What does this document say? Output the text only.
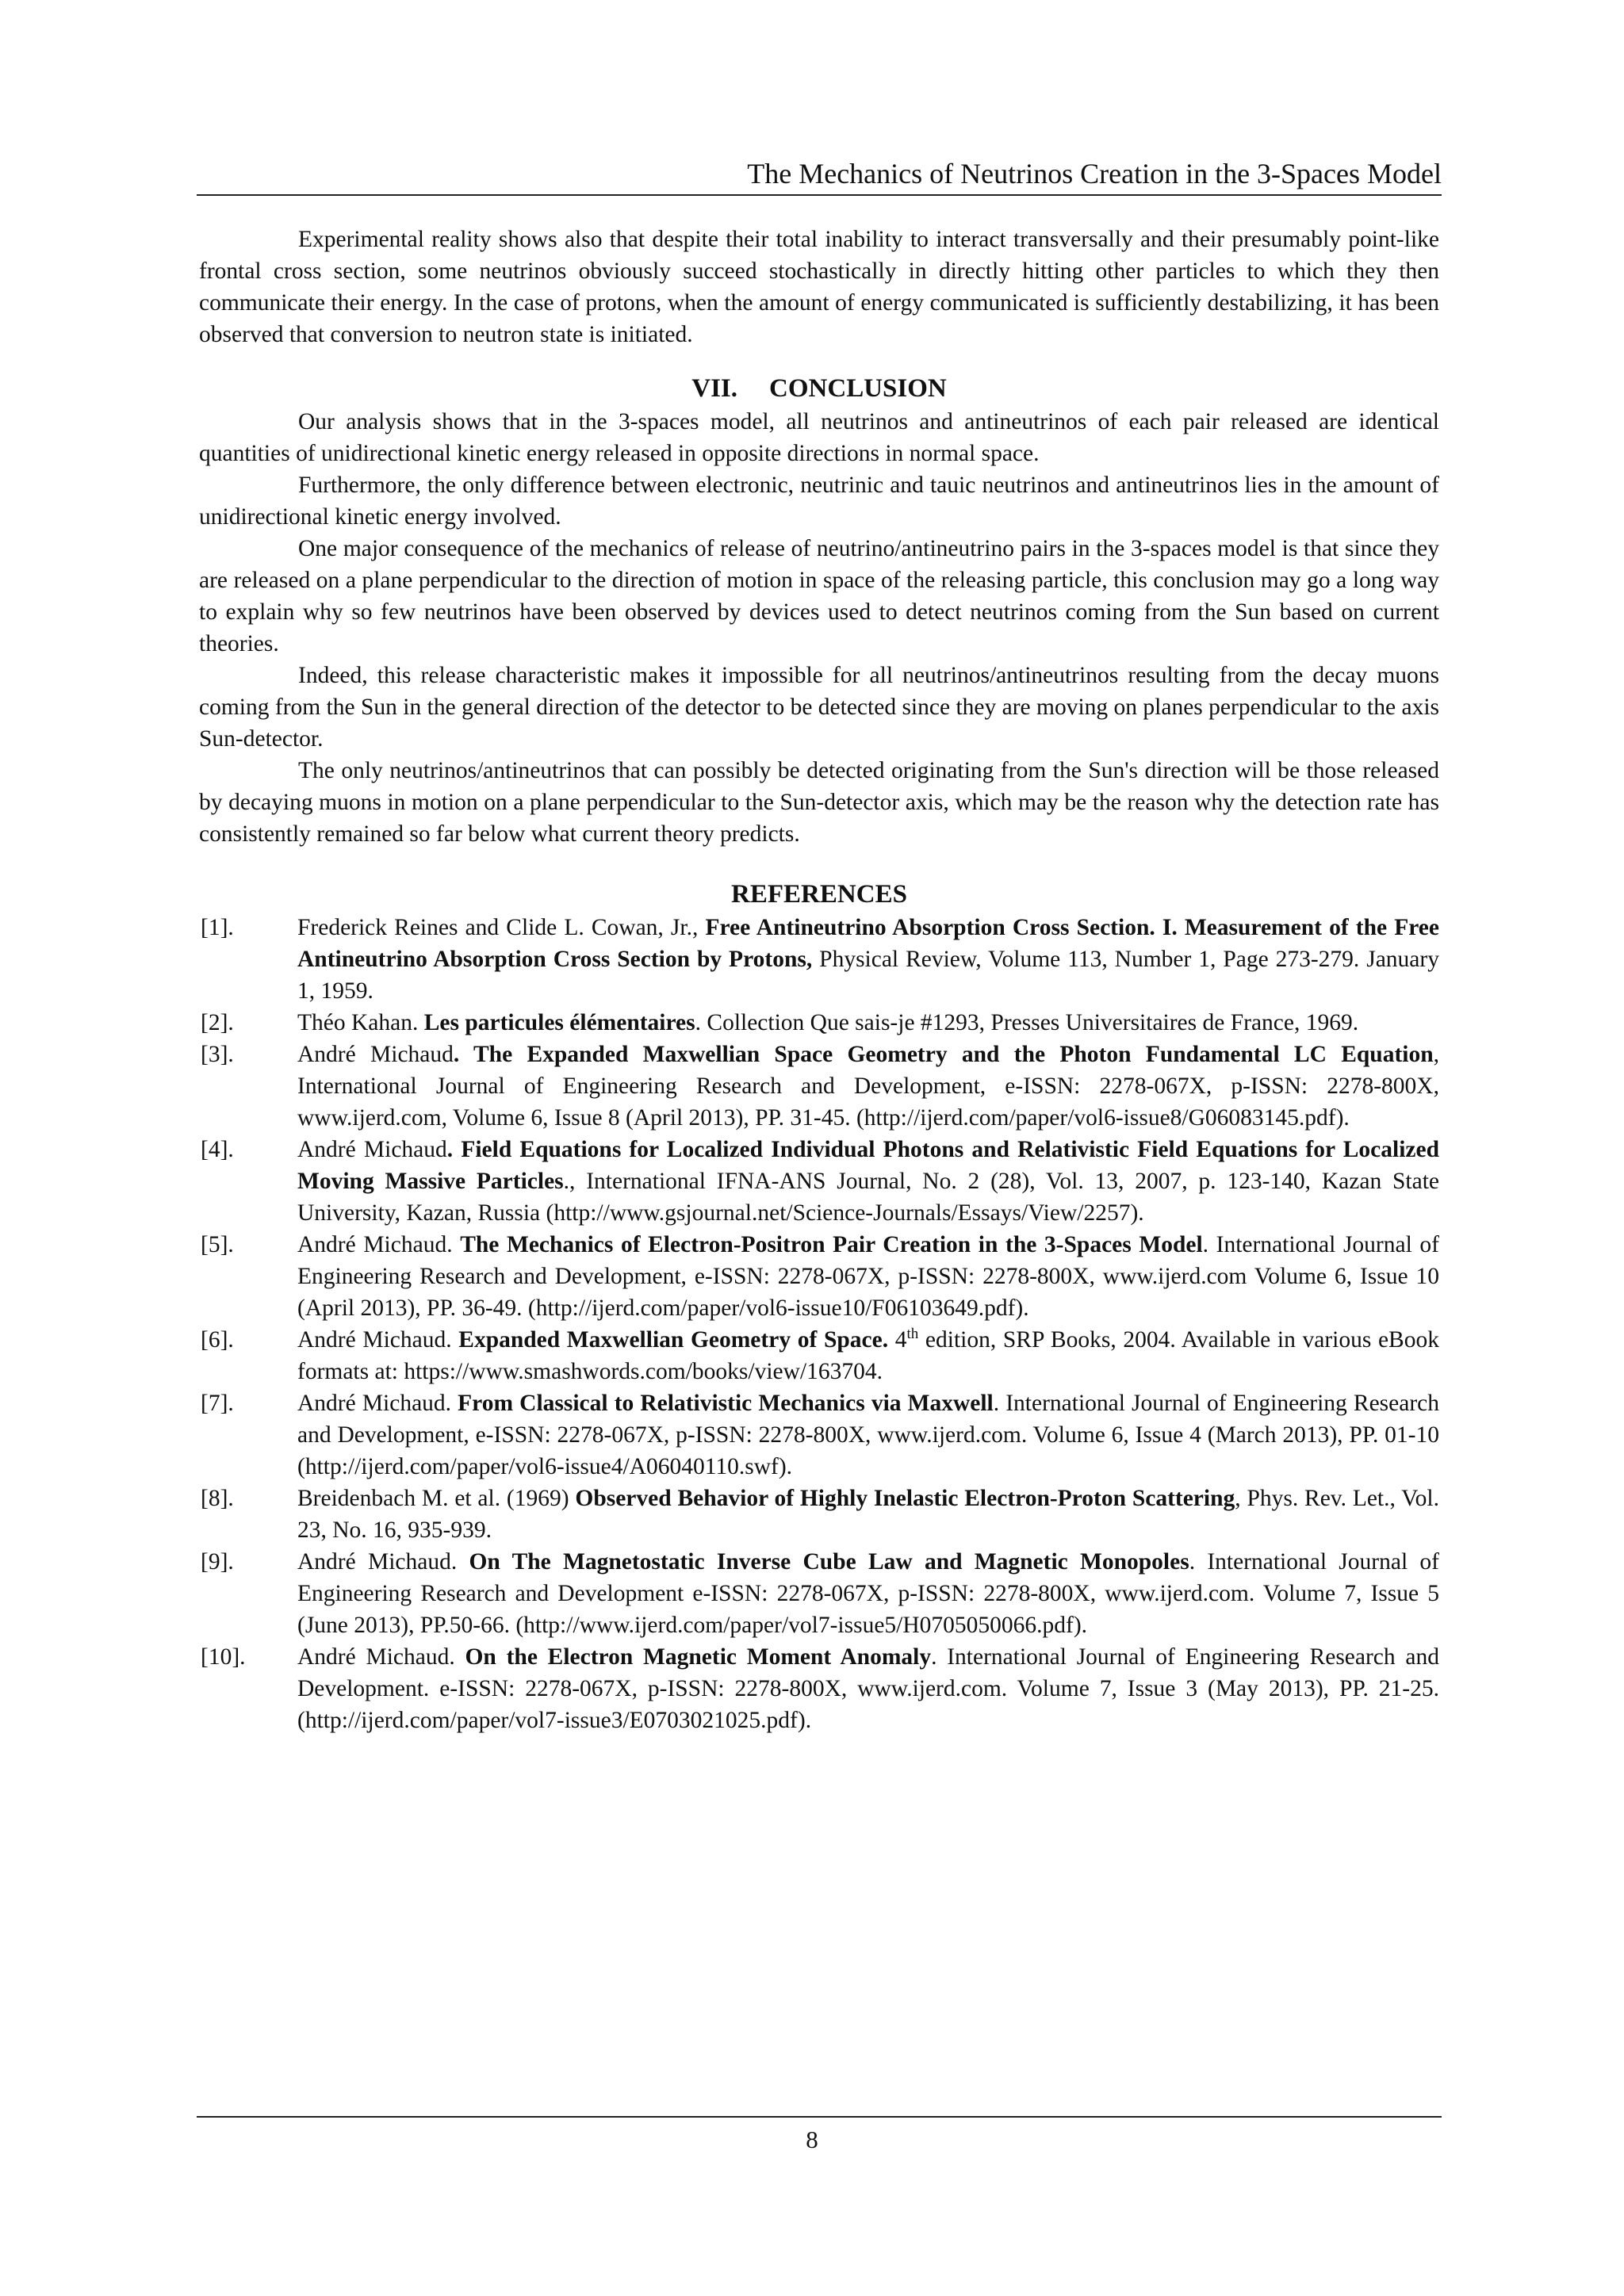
The Mechanics of Neutrinos Creation in the 3-Spaces Model

Experimental reality shows also that despite their total inability to interact transversally and their presumably point-like frontal cross section, some neutrinos obviously succeed stochastically in directly hitting other particles to which they then communicate their energy. In the case of protons, when the amount of energy communicated is sufficiently destabilizing, it has been observed that conversion to neutron state is initiated.

VII. CONCLUSION

Our analysis shows that in the 3-spaces model, all neutrinos and antineutrinos of each pair released are identical quantities of unidirectional kinetic energy released in opposite directions in normal space.

Furthermore, the only difference between electronic, neutrinic and tauic neutrinos and antineutrinos lies in the amount of unidirectional kinetic energy involved.

One major consequence of the mechanics of release of neutrino/antineutrino pairs in the 3-spaces model is that since they are released on a plane perpendicular to the direction of motion in space of the releasing particle, this conclusion may go a long way to explain why so few neutrinos have been observed by devices used to detect neutrinos coming from the Sun based on current theories.

Indeed, this release characteristic makes it impossible for all neutrinos/antineutrinos resulting from the decay muons coming from the Sun in the general direction of the detector to be detected since they are moving on planes perpendicular to the axis Sun-detector.

The only neutrinos/antineutrinos that can possibly be detected originating from the Sun's direction will be those released by decaying muons in motion on a plane perpendicular to the Sun-detector axis, which may be the reason why the detection rate has consistently remained so far below what current theory predicts.

REFERENCES

[1].	Frederick Reines and Clide L. Cowan, Jr., Free Antineutrino Absorption Cross Section. I. Measurement of the Free Antineutrino Absorption Cross Section by Protons, Physical Review, Volume 113, Number 1, Page 273-279. January 1, 1959.

[2].	Théo Kahan. Les particules élémentaires. Collection Que sais-je #1293, Presses Universitaires de France, 1969.

[3].	André Michaud. The Expanded Maxwellian Space Geometry and the Photon Fundamental LC Equation, International Journal of Engineering Research and Development, e-ISSN: 2278-067X, p-ISSN: 2278-800X, www.ijerd.com, Volume 6, Issue 8 (April 2013), PP. 31-45. (http://ijerd.com/paper/vol6-issue8/G06083145.pdf).

[4].	André Michaud. Field Equations for Localized Individual Photons and Relativistic Field Equations for Localized Moving Massive Particles., International IFNA-ANS Journal, No. 2 (28), Vol. 13, 2007, p. 123-140, Kazan State University, Kazan, Russia (http://www.gsjournal.net/Science-Journals/Essays/View/2257).

[5].	André Michaud. The Mechanics of Electron-Positron Pair Creation in the 3-Spaces Model. International Journal of Engineering Research and Development, e-ISSN: 2278-067X, p-ISSN: 2278-800X, www.ijerd.com Volume 6, Issue 10 (April 2013), PP. 36-49. (http://ijerd.com/paper/vol6-issue10/F06103649.pdf).

[6].	André Michaud. Expanded Maxwellian Geometry of Space. 4th edition, SRP Books, 2004. Available in various eBook formats at: https://www.smashwords.com/books/view/163704.

[7].	André Michaud. From Classical to Relativistic Mechanics via Maxwell. International Journal of Engineering Research and Development, e-ISSN: 2278-067X, p-ISSN: 2278-800X, www.ijerd.com. Volume 6, Issue 4 (March 2013), PP. 01-10 (http://ijerd.com/paper/vol6-issue4/A06040110.swf).

[8].	Breidenbach M. et al. (1969) Observed Behavior of Highly Inelastic Electron-Proton Scattering, Phys. Rev. Let., Vol. 23, No. 16, 935-939.

[9].	André Michaud. On The Magnetostatic Inverse Cube Law and Magnetic Monopoles. International Journal of Engineering Research and Development e-ISSN: 2278-067X, p-ISSN: 2278-800X, www.ijerd.com. Volume 7, Issue 5 (June 2013), PP.50-66. (http://www.ijerd.com/paper/vol7-issue5/H0705050066.pdf).

[10]. André Michaud. On the Electron Magnetic Moment Anomaly. International Journal of Engineering Research and Development. e-ISSN: 2278-067X, p-ISSN: 2278-800X, www.ijerd.com. Volume 7, Issue 3 (May 2013), PP. 21-25. (http://ijerd.com/paper/vol7-issue3/E0703021025.pdf).

8
